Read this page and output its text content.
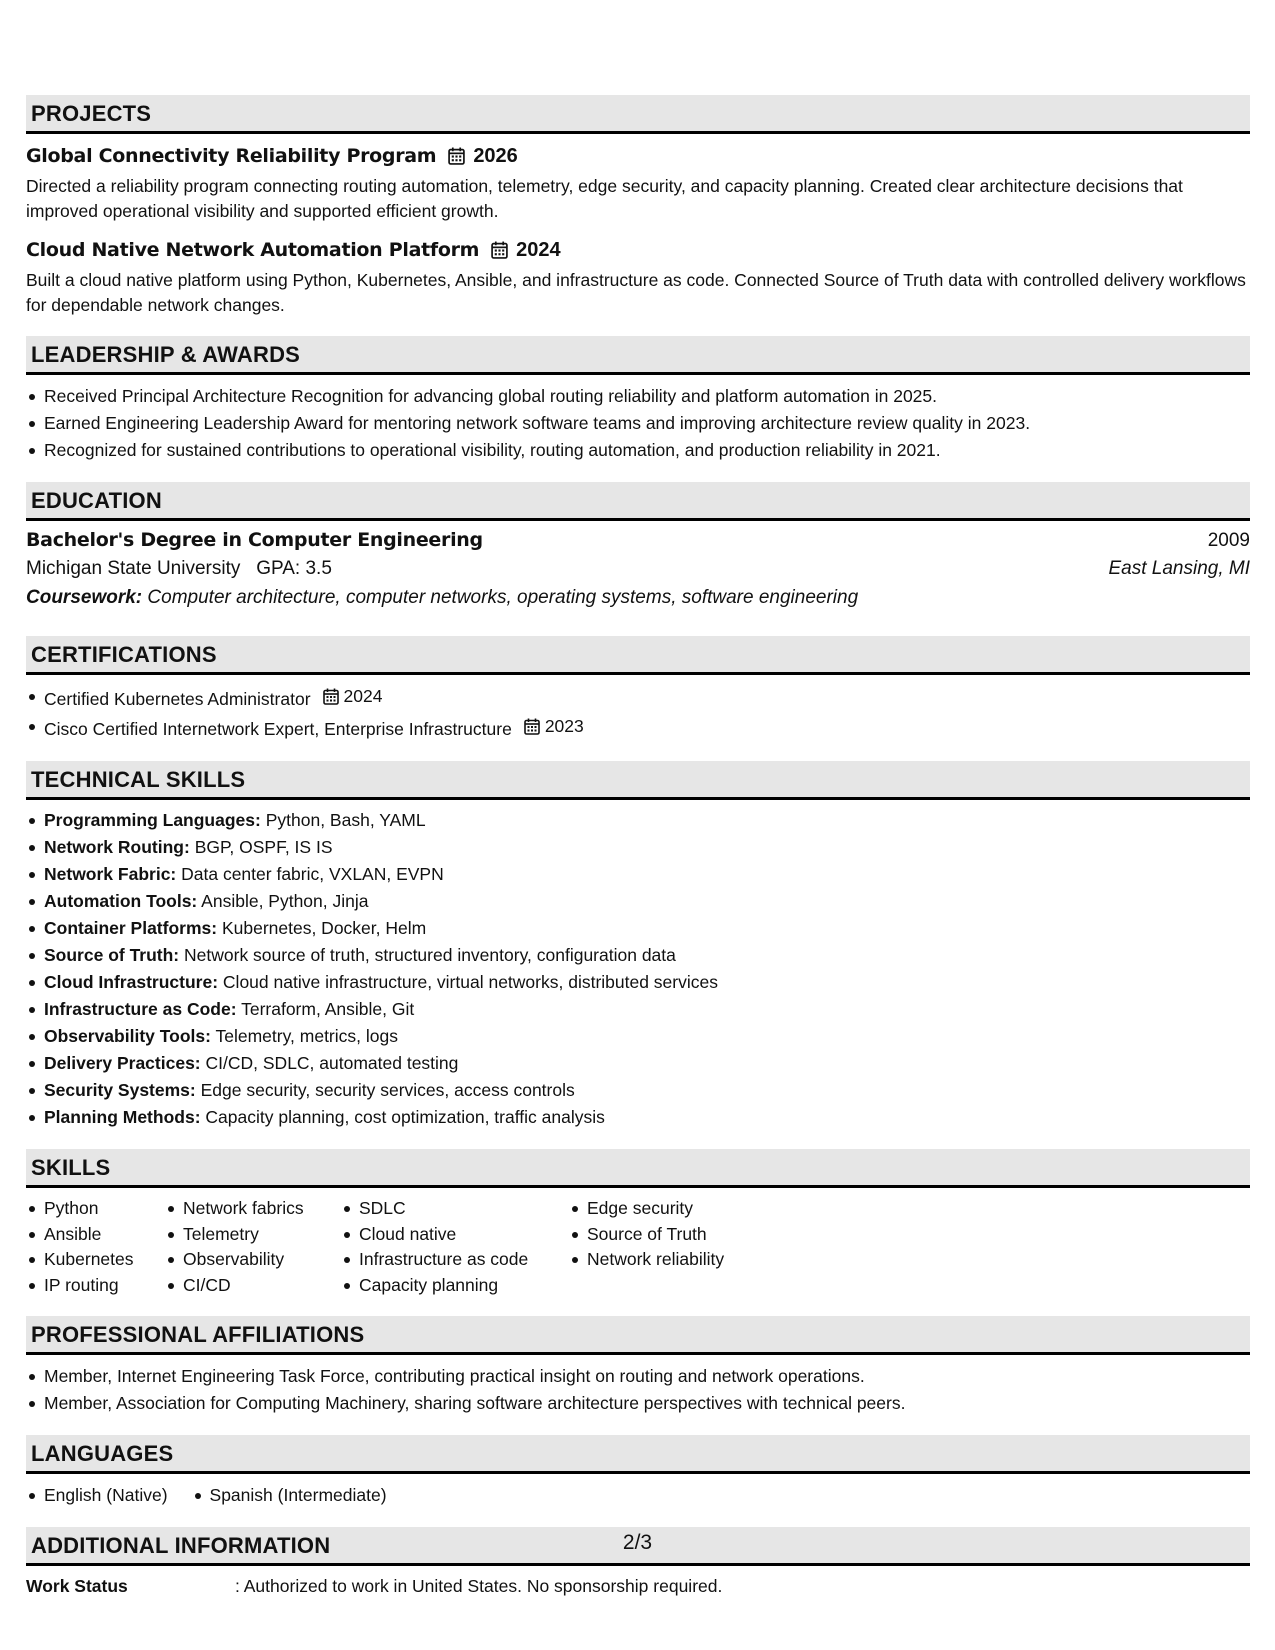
PROJECTS
Global Connectivity Reliability Program 2026
Directed a reliability program connecting routing automation, telemetry, edge security, and capacity planning. Created clear architecture decisions that improved operational visibility and supported efficient growth.
Cloud Native Network Automation Platform 2024
Built a cloud native platform using Python, Kubernetes, Ansible, and infrastructure as code. Connected Source of Truth data with controlled delivery workflows for dependable network changes.
LEADERSHIP & AWARDS
Received Principal Architecture Recognition for advancing global routing reliability and platform automation in 2025.
Earned Engineering Leadership Award for mentoring network software teams and improving architecture review quality in 2023.
Recognized for sustained contributions to operational visibility, routing automation, and production reliability in 2021.
EDUCATION
Bachelor's Degree in Computer Engineering	2009
Michigan State University GPA: 3.5	East Lansing, MI
Coursework: Computer architecture, computer networks, operating systems, software engineering
CERTIFICATIONS
Certified Kubernetes Administrator 2024
Cisco Certified Internetwork Expert, Enterprise Infrastructure 2023
TECHNICAL SKILLS
Programming Languages: Python, Bash, YAML
Network Routing: BGP, OSPF, IS IS
Network Fabric: Data center fabric, VXLAN, EVPN
Automation Tools: Ansible, Python, Jinja
Container Platforms: Kubernetes, Docker, Helm
Source of Truth: Network source of truth, structured inventory, configuration data
Cloud Infrastructure: Cloud native infrastructure, virtual networks, distributed services
Infrastructure as Code: Terraform, Ansible, Git
Observability Tools: Telemetry, metrics, logs
Delivery Practices: CI/CD, SDLC, automated testing
Security Systems: Edge security, security services, access controls
Planning Methods: Capacity planning, cost optimization, traffic analysis
SKILLS
Python
Ansible
Kubernetes
IP routing
Network fabrics
Telemetry
Observability
CI/CD
SDLC
Cloud native
Infrastructure as code
Capacity planning
Edge security
Source of Truth
Network reliability
PROFESSIONAL AFFILIATIONS
Member, Internet Engineering Task Force, contributing practical insight on routing and network operations.
Member, Association for Computing Machinery, sharing software architecture perspectives with technical peers.
LANGUAGES
English (Native)	Spanish (Intermediate)
ADDITIONAL INFORMATION
Work Status	: Authorized to work in United States. No sponsorship required.
2/3
